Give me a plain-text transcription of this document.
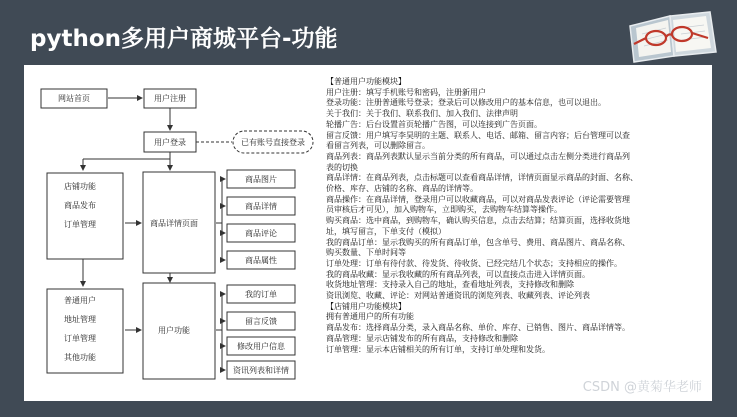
python多用户商城平台-功能
网站首页	用户注册
用户登录	已有账号直接登录
商品详情页面
用户功能
店铺功能
商品发布
订单管理
普通用户
地址管理
订单管理
其他功能
商品图片
商品详情
商品评论
商品属性
我的订单
留言反馈
修改用户信息
资讯列表和详情
【普通用户功能模块】
用户注册：填写手机账号和密码，注册新用户
登录功能：注册普通账号登录；登录后可以修改用户的基本信息，也可以退出。
关于我们：关于我们、联系我们、加入我们、法律声明
轮播广告：后台设置首页轮播广告图，可以连接到广告页面。
留言反馈：用户填写李昊明的主题、联系人、电话、邮箱、留言内容；后台管理可以查
看留言列表，可以删除留言。
商品列表：商品列表默认显示当前分类的所有商品，可以通过点击左侧分类进行商品列
表的切换
商品详情：在商品列表，点击标题可以查看商品详情，详情页面显示商品的封面、名称、
价格、库存、店铺的名称、商品的详情等。
商品操作：在商品详情，登录用户可以收藏商品，可以对商品发表评论（评论需要管理
员审核后才可见），加入购物车，立即购买，去购物车结算等操作。
购买商品：选中商品，到购物车，确认购买信息，点击去结算；结算页面，选择收货地
址，填写留言，下单支付（模拟）
我的商品订单：显示我购买的所有商品订单，包含单号、费用、商品图片、商品名称、
购买数量、下单时间等
订单处理：订单有待付款、待发货、待收货、已经完结几个状态；支持相应的操作。
我的商品收藏：显示我收藏的所有商品列表，可以直接点击进入详情页面。
收货地址管理：支持录入自己的地址，查看地址列表，支持修改和删除
资讯浏览、收藏、评论：对网站普通资讯的浏览列表、收藏列表、评论列表
【店铺用户功能模块】
拥有普通用户的所有功能
商品发布：选择商品分类，录入商品名称、单价、库存、已销售、图片、商品详情等。
商品管理：显示店铺发布的所有商品，支持修改和删除
订单管理：显示本店铺相关的所有订单，支持订单处理和发货。
CSDN @黄菊华老师
